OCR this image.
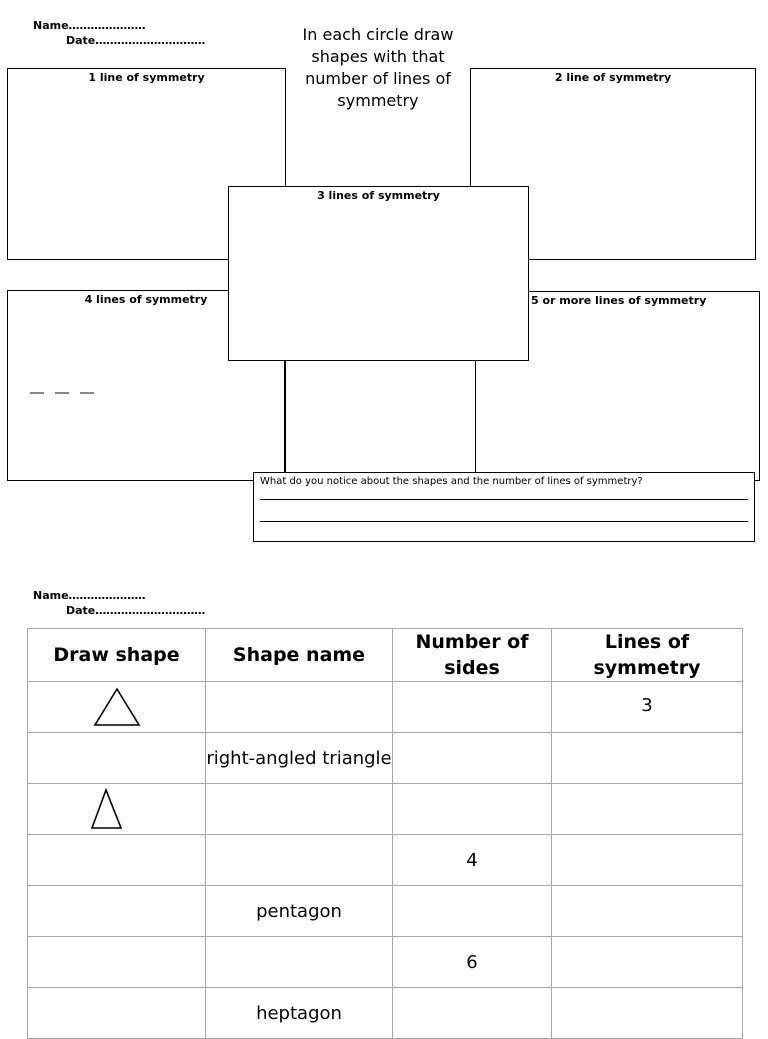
Name…………………
Date…………………………	In each circle draw shapes with that number of lines of symmetry
1 line of symmetry	2 line of symmetry
4 lines of symmetry	5 or more lines of symmetry
3 lines of symmetry
What do you notice about the shapes and the number of lines of symmetry?
Name…………………
Date…………………………
Draw shape	Shape name	Number of sides	Lines of symmetry

			3
	right-angled triangle		

		4	
	pentagon		
		6	
	heptagon		
